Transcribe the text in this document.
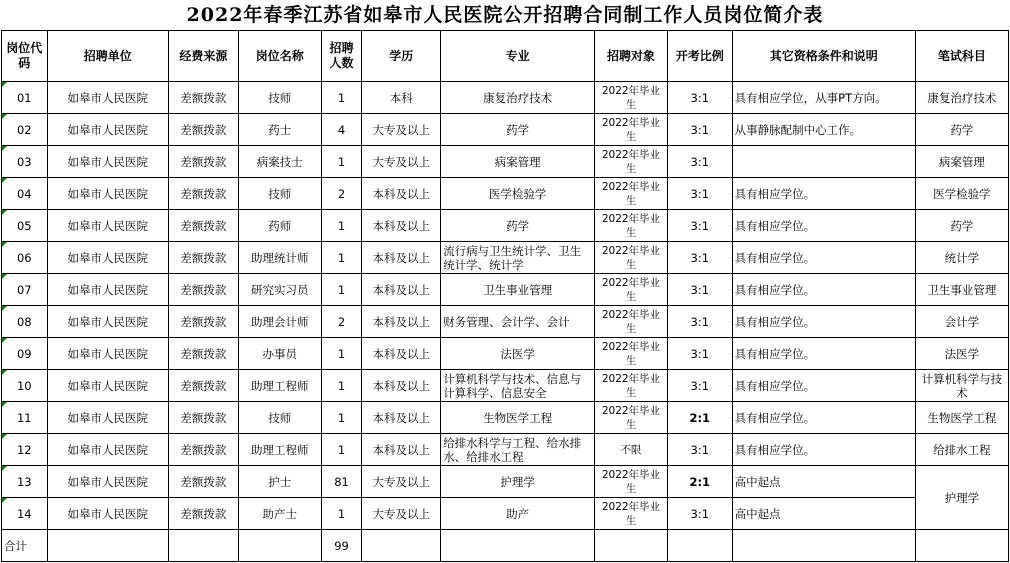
2022年春季江苏省如皋市人民医院公开招聘合同制工作人员岗位简介表
岗位代码	招聘单位	经费来源	岗位名称	招聘人数	学历	专业	招聘对象	开考比例	其它资格条件和说明	笔试科目
01	如皋市人民医院	差额拨款	技师	1	本科	康复治疗技术	2022年毕业生	3:1	具有相应学位，从事PT方向。	康复治疗技术
02	如皋市人民医院	差额拨款	药士	4	大专及以上	药学	2022年毕业生	3:1	从事静脉配制中心工作。	药学
03	如皋市人民医院	差额拨款	病案技士	1	大专及以上	病案管理	2022年毕业生	3:1		病案管理
04	如皋市人民医院	差额拨款	技师	2	本科及以上	医学检验学	2022年毕业生	3:1	具有相应学位。	医学检验学
05	如皋市人民医院	差额拨款	药师	1	本科及以上	药学	2022年毕业生	3:1	具有相应学位。	药学
06	如皋市人民医院	差额拨款	助理统计师	1	本科及以上	流行病与卫生统计学、卫生统计学、统计学	2022年毕业生	3:1	具有相应学位。	统计学
07	如皋市人民医院	差额拨款	研究实习员	1	本科及以上	卫生事业管理	2022年毕业生	3:1	具有相应学位。	卫生事业管理
08	如皋市人民医院	差额拨款	助理会计师	2	本科及以上	财务管理、会计学、会计	2022年毕业生	3:1	具有相应学位。	会计学
09	如皋市人民医院	差额拨款	办事员	1	本科及以上	法医学	2022年毕业生	3:1	具有相应学位。	法医学
10	如皋市人民医院	差额拨款	助理工程师	1	本科及以上	计算机科学与技术、信息与计算科学、信息安全	2022年毕业生	3:1	具有相应学位。	计算机科学与技术
11	如皋市人民医院	差额拨款	技师	1	本科及以上	生物医学工程	2022年毕业生	2:1	具有相应学位。	生物医学工程
12	如皋市人民医院	差额拨款	助理工程师	1	本科及以上	给排水科学与工程、给水排水、给排水工程	不限	3:1	具有相应学位。	给排水工程
13	如皋市人民医院	差额拨款	护士	81	大专及以上	护理学	2022年毕业生	2:1	高中起点	护理学
14	如皋市人民医院	差额拨款	助产士	1	大专及以上	助产	2022年毕业生	3:1	高中起点	
合计				99						
